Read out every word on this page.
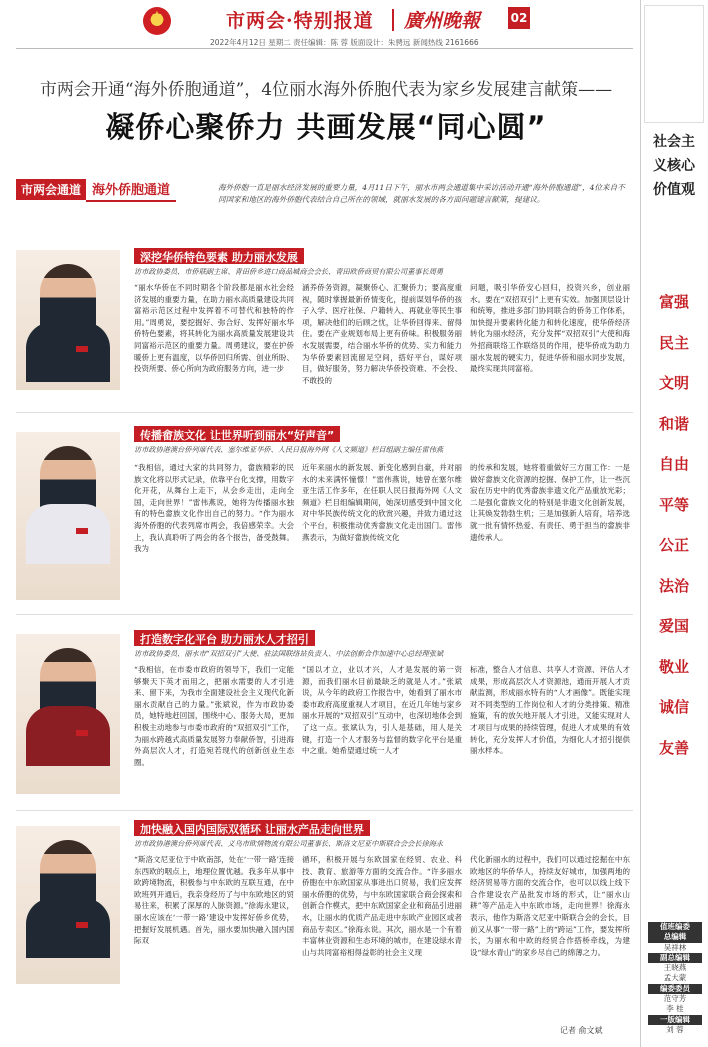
★	市两会·特别报道 廣州晚報	02
2022年4月12日 星期二 责任编辑：陈 蓉 版面设计：朱骋远 新闻热线 2161666
市两会开通“海外侨胞通道”，4位丽水海外侨胞代表为家乡发展建言献策——
凝侨心聚侨力 共画发展“同心圆”
市两会通道 海外侨胞通道	海外侨胞一直是丽水经济发展的重要力量，4月11日下午，丽水市两会通道集中采访活动开通“海外侨胞通道”，4位来自不同国家和地区的海外侨胞代表结合自己所在的领域，就丽水发展的各方面问题建言献策，提建议。
深挖华侨特色要素 助力丽水发展
访市政协委员、市侨联副主席、青田侨乡进口商品城商会会长、青田欧侨商贸有限公司董事长周勇
“丽水华侨在不同时期各个阶段都是丽水社会经济发展的重要力量，在助力丽水高质量建设共同富裕示范区过程中发挥着不可替代和独特的作用。”周勇说，要挖掘好、弥合好、发挥好丽水华侨特色要素，将其转化为丽水高质量发展建设共同富裕示范区的重要力量。周勇建议，要在护侨暖侨上更有温度，以华侨回归所需、创业所盼、投资所要、侨心所向为政府服务方向，进一步
涵养侨务资源，凝聚侨心、汇聚侨力；要高度重视，随时掌握最新侨情变化，提前谋划华侨的孩子入学、医疗社保、户籍转入、再就业等民生事项，解决他们的后顾之忧，让华侨回得来、留得住。要在产业规划布局上更有侨味。积极服务丽水发展需要，结合丽水华侨的优势、实力和能力为华侨要素回流留足空间，搭好平台，谋好项目，做好服务，努力解决华侨投资难、不会投、不敢投的
问题，吸引华侨安心回归，投资兴乡，创业丽水。要在“双招双引”上更有实效。加强顶层设计和统筹，推进多部门协同联合的侨务工作体系，加快提升要素转化能力和转化速度，使华侨经济转化为丽水经济，充分发挥“双招双引”大使和海外招商联络工作联络员的作用，使华侨成为助力丽水发展的硬实力，促进华侨和丽水同步发展，最终实现共同富裕。
传播畲族文化 让世界听到丽水“好声音”
访市政协港澳台侨列席代表、塞尔维亚华侨、人民日报海外网《人文频道》栏目组副主编任雷伟燕
“我相信，通过大家的共同努力，畲族精彩的民族文化将以形式记录，依靠平台化支撑，用数字化开花，从舞台上走下，从会乡走出，走向全国，走向世界！”雷伟燕说，她将为传播丽水独有的特色畲族文化作出自己的努力。“作为丽水海外侨胞的代表列席市两会，我倍感荣幸。大会上，我认真聆听了两会的各个报告，备受鼓舞。我为
近年来丽水的新发展、新变化感到自豪，并对丽水的未来满怀憧憬！”雷伟燕说，她曾在塞尔维亚生活工作多年，在任职人民日报海外网《人文频道》栏目组编辑期间，她深切感受到中国文化对中华民族传统文化的欣赏兴趣，并致力通过这个平台，积极推动优秀畲族文化走出国门。雷伟燕表示，为做好畲族传统文化
的传承和发展，她将着重做好三方面工作：一是做好畲族文化资源的挖掘、保护工作，让一些沉寂在历史中的优秀畲族非遗文化产品重放光彩；二是强化畲族文化的特别是非遗文化创新发展，让其焕发勃勃生机；三是加强新人培育，培养选就一批有情怀热爱、有责任、勇于担当的畲族非遗传承人。
打造数字化平台 助力丽水人才招引
访市政协委员、丽水市“双招双引”大使、驻法国联络站负责人、中法创新合作加速中心总经理张斌
“我相信，在市委市政府的领导下，我们一定能够聚天下英才而用之，把丽水需要的人才引进来、留下来，为我市全面建设社会主义现代化新丽水贡献自己的力量。”张斌说，作为市政协委员，她特地赶回国，围绕中心、服务大局，更加积极主动地参与市委市政府的“双招双引”工作，为丽水跨越式高质量发展努力奉献侨智，引进海外高层次人才，打造宛若现代的创新创业生态圈。
“国以才立，业以才兴，人才是发展的第一资源，而我们丽水目前最缺乏的就是人才。”张斌说，从今年的政府工作报告中，她看到了丽水市委市政府高度重视人才项目，在近几年她与家乡丽水开展的“双招双引”互动中，也深切地体会到了这一点。张斌认为，引人是基础，用人是关键，打造一个人才服务与监督的数字化平台是重中之重。她希望通过统一人才
标准，整合人才信息、共享人才资源、评估人才成果，形成高层次人才资源池，通而开展人才贡献监测，形成丽水特有的“人才画像”。既能实现对不同类型的工作岗位和人才的分类排策、精准施策，有的放矢地开展人才引进，又能实现对人才项目与成果的持续管理，促进人才成果的有效转化，充分发挥人才价值，为细化人才招引提供丽水样本。
加快融入国内国际双循环 让丽水产品走向世界
访市政协港澳台侨列席代表、义乌市欧情物流有限公司董事长、斯洛文尼亚中斯联合会会长徐海永
“斯洛文尼亚位于中欧南部，处在‘一带一路’连接东西欧的咽点上，地理位置优越。我多年从事中欧跨境物流，积极参与中东欧的互联互通，在中欧班列开通后，我亲身经历了与中东欧地区的贸易往来，积累了深厚的人脉资源。”徐海永建议，丽水应该在‘一带一路’建设中发挥好侨乡优势，把握好发展机遇。首先，丽水要加快融入国内国际双
循环，积极开展与东欧国家在经贸、农业、科技、教育、旅游等方面的交流合作。“许多丽水侨胞在中东欧国家从事进出口贸易，我们应发挥丽水侨胞的优势，与中东欧国家联合商会探索和创新合作模式，把中东欧国家企业和商品引进丽水，让丽水的优质产品走进中东欧产业园区或者商品专卖区。”徐海永说。其次，丽水是一个有着丰富林业资源和生态环境的城市，在建设绿水青山与共同富裕相得益彰的社会主义现
代化新丽水的过程中，我们可以通过挖掘在中东欧地区的华侨华人，持续友好城市，加强两地的经济贸易等方面的交流合作，也可以以线上线下合作建设农产品批发市场的形式，让“丽水山耕”等产品走入中东欧市场，走向世界！徐海永表示，他作为斯洛文尼亚中斯联合会的会长，目前又从事“一带一路”上的“跨运”工作，要发挥所长，为丽水和中欧的经贸合作搭桥牵线，为建设“绿水青山”的家乡尽自己的绵薄之力。
记者 俞文斌
社会主义核心价值观
富强
民主
文明
和谐
自由
平等
公正
法治
爱国
敬业
诚信
友善
值班编委
总编辑
吴祥林
副总编辑
王晓燕
孟大蒙
编委委员
范守芳
李 桂
一版编辑
刘 蓉
